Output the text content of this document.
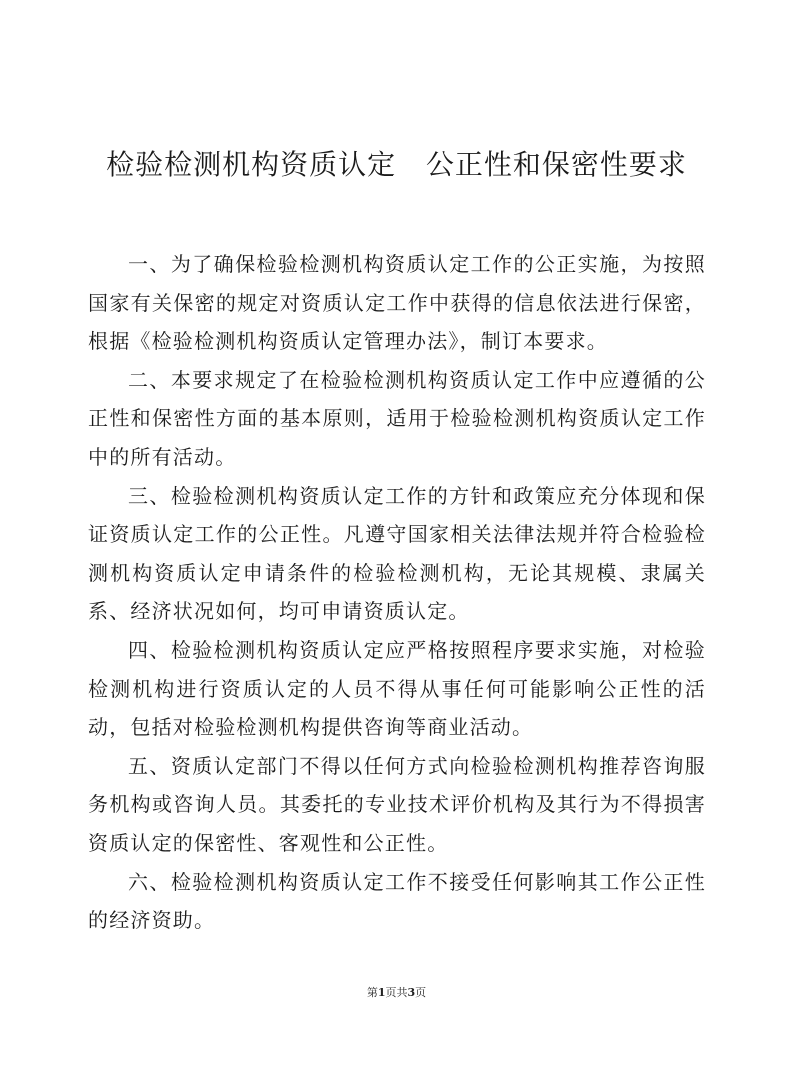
检验检测机构资质认定   公正性和保密性要求

一、为了确保检验检测机构资质认定工作的公正实施，为按照国家有关保密的规定对资质认定工作中获得的信息依法进行保密，根据《检验检测机构资质认定管理办法》，制订本要求。

二、本要求规定了在检验检测机构资质认定工作中应遵循的公正性和保密性方面的基本原则，适用于检验检测机构资质认定工作中的所有活动。

三、检验检测机构资质认定工作的方针和政策应充分体现和保证资质认定工作的公正性。凡遵守国家相关法律法规并符合检验检测机构资质认定申请条件的检验检测机构，无论其规模、隶属关系、经济状况如何，均可申请资质认定。

四、检验检测机构资质认定应严格按照程序要求实施，对检验检测机构进行资质认定的人员不得从事任何可能影响公正性的活动，包括对检验检测机构提供咨询等商业活动。

五、资质认定部门不得以任何方式向检验检测机构推荐咨询服务机构或咨询人员。其委托的专业技术评价机构及其行为不得损害资质认定的保密性、客观性和公正性。

六、检验检测机构资质认定工作不接受任何影响其工作公正性的经济资助。

第1页共3页
